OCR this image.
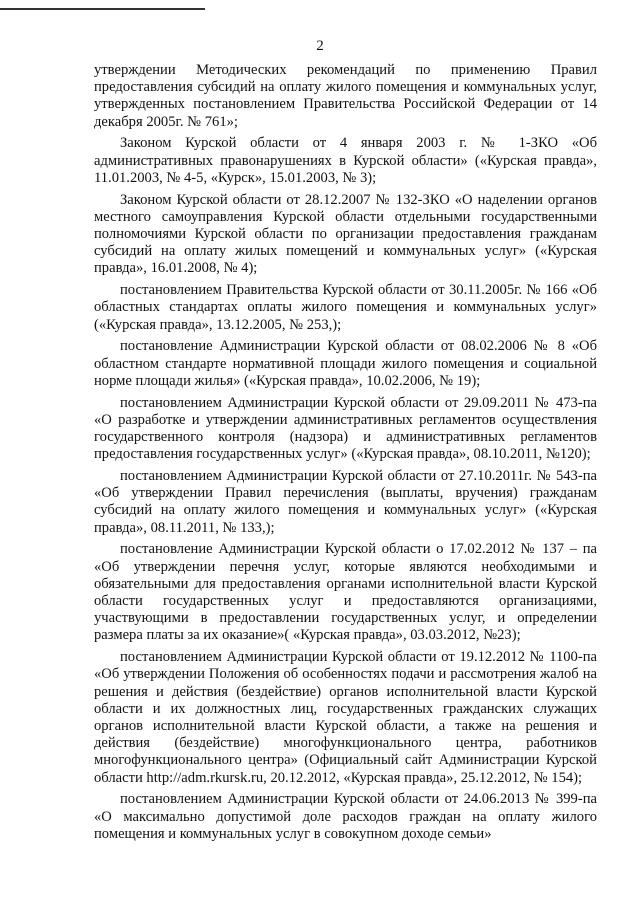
2

утверждении Методических рекомендаций по применению Правил предоставления субсидий на оплату жилого помещения и коммунальных услуг, утвержденных постановлением Правительства Российской Федерации от 14 декабря 2005г. № 761»;

Законом Курской области от 4 января 2003 г. № 1-ЗКО «Об административных правонарушениях в Курской области» («Курская правда», 11.01.2003, № 4-5, «Курск», 15.01.2003, № 3);

Законом Курской области от 28.12.2007 № 132-ЗКО «О наделении органов местного самоуправления Курской области отдельными государственными полномочиями Курской области по организации предоставления гражданам субсидий на оплату жилых помещений и коммунальных услуг» («Курская правда», 16.01.2008, № 4);

постановлением Правительства Курской области от 30.11.2005г. № 166 «Об областных стандартах оплаты жилого помещения и коммунальных услуг» («Курская правда», 13.12.2005, № 253,);

постановление Администрации Курской области от 08.02.2006 № 8 «Об областном стандарте нормативной площади жилого помещения и социальной норме площади жилья» («Курская правда», 10.02.2006, № 19);

постановлением Администрации Курской области от 29.09.2011 № 473-па «О разработке и утверждении административных регламентов осуществления государственного контроля (надзора) и административных регламентов предоставления государственных услуг» («Курская правда», 08.10.2011, №120);

постановлением Администрации Курской области от 27.10.2011г. № 543-па «Об утверждении Правил перечисления (выплаты, вручения) гражданам субсидий на оплату жилого помещения и коммунальных услуг» («Курская правда», 08.11.2011, № 133,);

постановление Администрации Курской области о 17.02.2012 № 137 – па «Об утверждении перечня услуг, которые являются необходимыми и обязательными для предоставления органами исполнительной власти Курской области государственных услуг и предоставляются организациями, участвующими в предоставлении государственных услуг, и определении размера платы за их оказание»( «Курская правда», 03.03.2012, №23);

постановлением Администрации Курской области от 19.12.2012 № 1100-па «Об утверждении Положения об особенностях подачи и рассмотрения жалоб на решения и действия (бездействие) органов исполнительной власти Курской области и их должностных лиц, государственных гражданских служащих органов исполнительной власти Курской области, а также на решения и действия (бездействие) многофункционального центра, работников многофункционального центра» (Официальный сайт Администрации Курской области http://adm.rkursk.ru, 20.12.2012, «Курская правда», 25.12.2012, № 154);

постановлением Администрации Курской области от 24.06.2013 № 399-па «О максимально допустимой доле расходов граждан на оплату жилого помещения и коммунальных услуг в совокупном доходе семьи»
